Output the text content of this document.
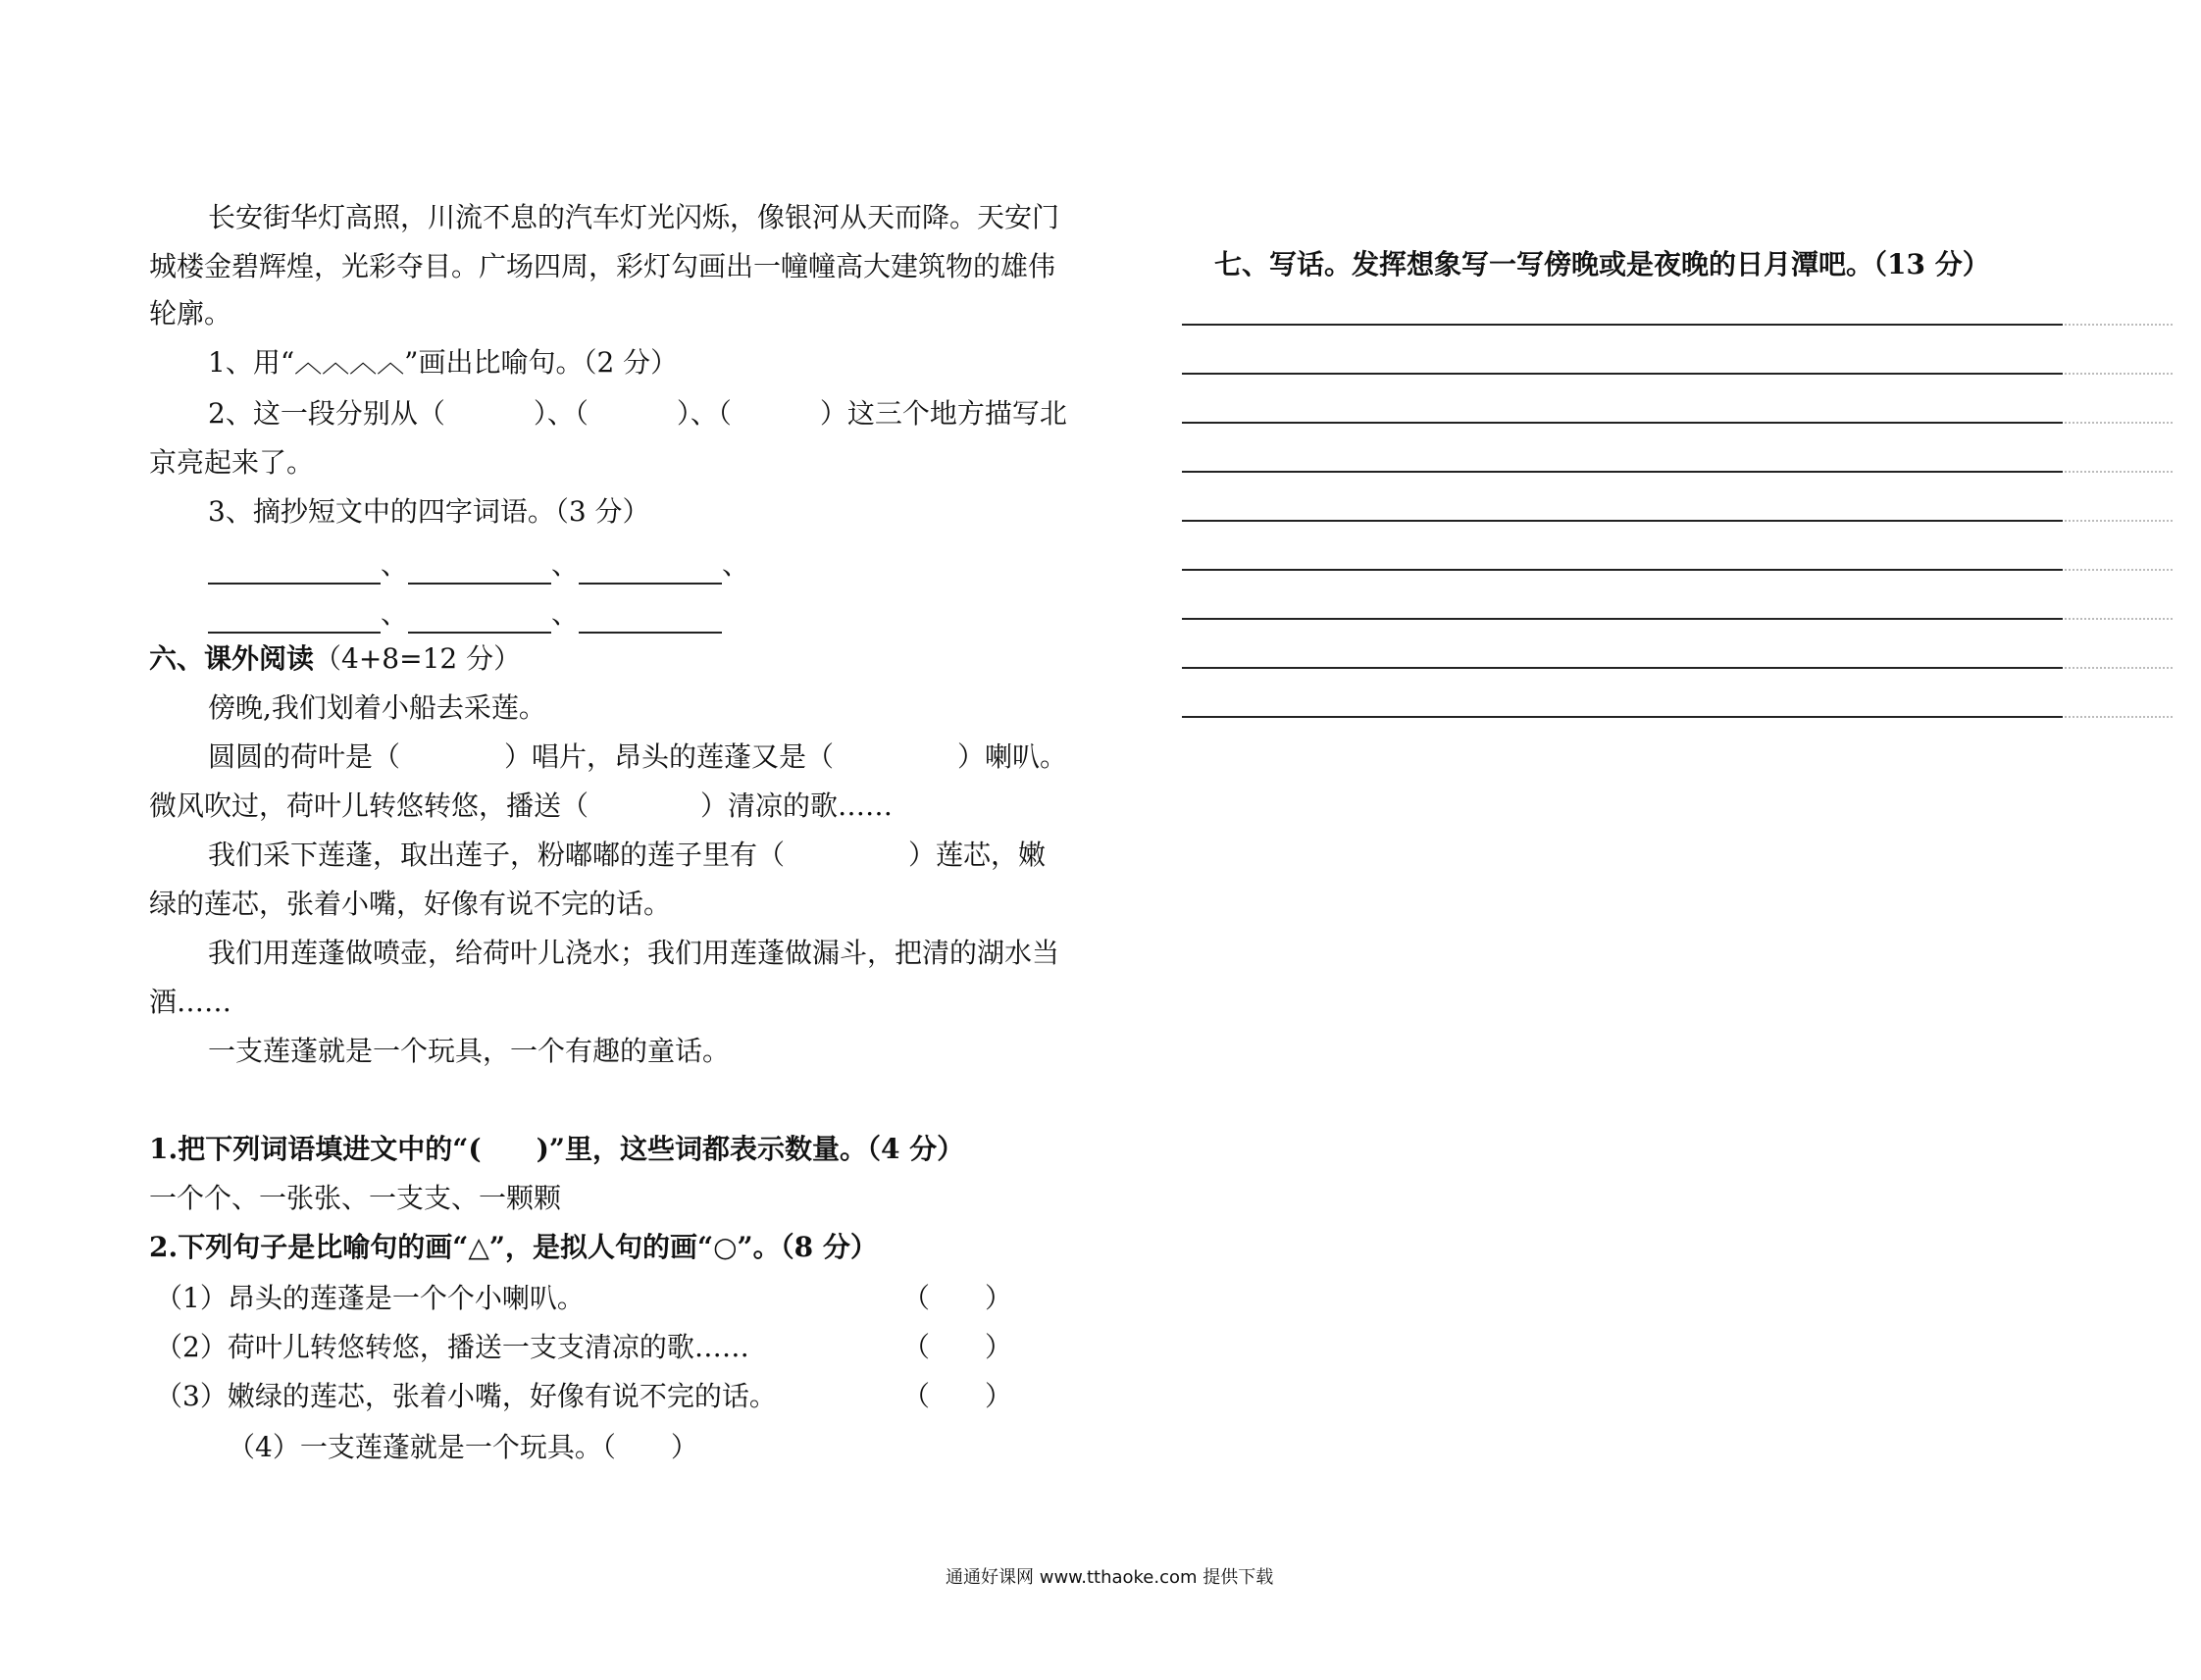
长安街华灯高照，川流不息的汽车灯光闪烁，像银河从天而降。天安门
城楼金碧辉煌，光彩夺目。广场四周，彩灯勾画出一幢幢高大建筑物的雄伟
轮廓。
1、用“︿︿︿︿”画出比喻句。（2 分）
2、这一段分别从（	）、（	）、（	）这三个地方描写北
京亮起来了。
3、摘抄短文中的四字词语。（3 分）
、	、	、
、	、
六、课外阅读（4+8=12 分）
傍晚,我们划着小船去采莲。
圆圆的荷叶是（	）唱片，昂头的莲蓬又是（	）喇叭。
微风吹过，荷叶儿转悠转悠，播送（	）清凉的歌……
我们采下莲蓬，取出莲子，粉嘟嘟的莲子里有（	）莲芯，嫩
绿的莲芯，张着小嘴，好像有说不完的话。
我们用莲蓬做喷壶，给荷叶儿浇水；我们用莲蓬做漏斗，把清的湖水当
酒……
一支莲蓬就是一个玩具，一个有趣的童话。
1.把下列词语填进文中的“( )”里，这些词都表示数量。（4 分）
一个个、一张张、一支支、一颗颗
2.下列句子是比喻句的画“△”，是拟人句的画“○”。（8 分）
（1）昂头的莲蓬是一个个小喇叭。	（　　）
（2）荷叶儿转悠转悠，播送一支支清凉的歌……	（　　）
（3）嫩绿的莲芯，张着小嘴，好像有说不完的话。	（　　）
（4）一支莲蓬就是一个玩具。（　　）
七、写话。发挥想象写一写傍晚或是夜晚的日月潭吧。（13 分）
通通好课网 www.tthaoke.com 提供下载
